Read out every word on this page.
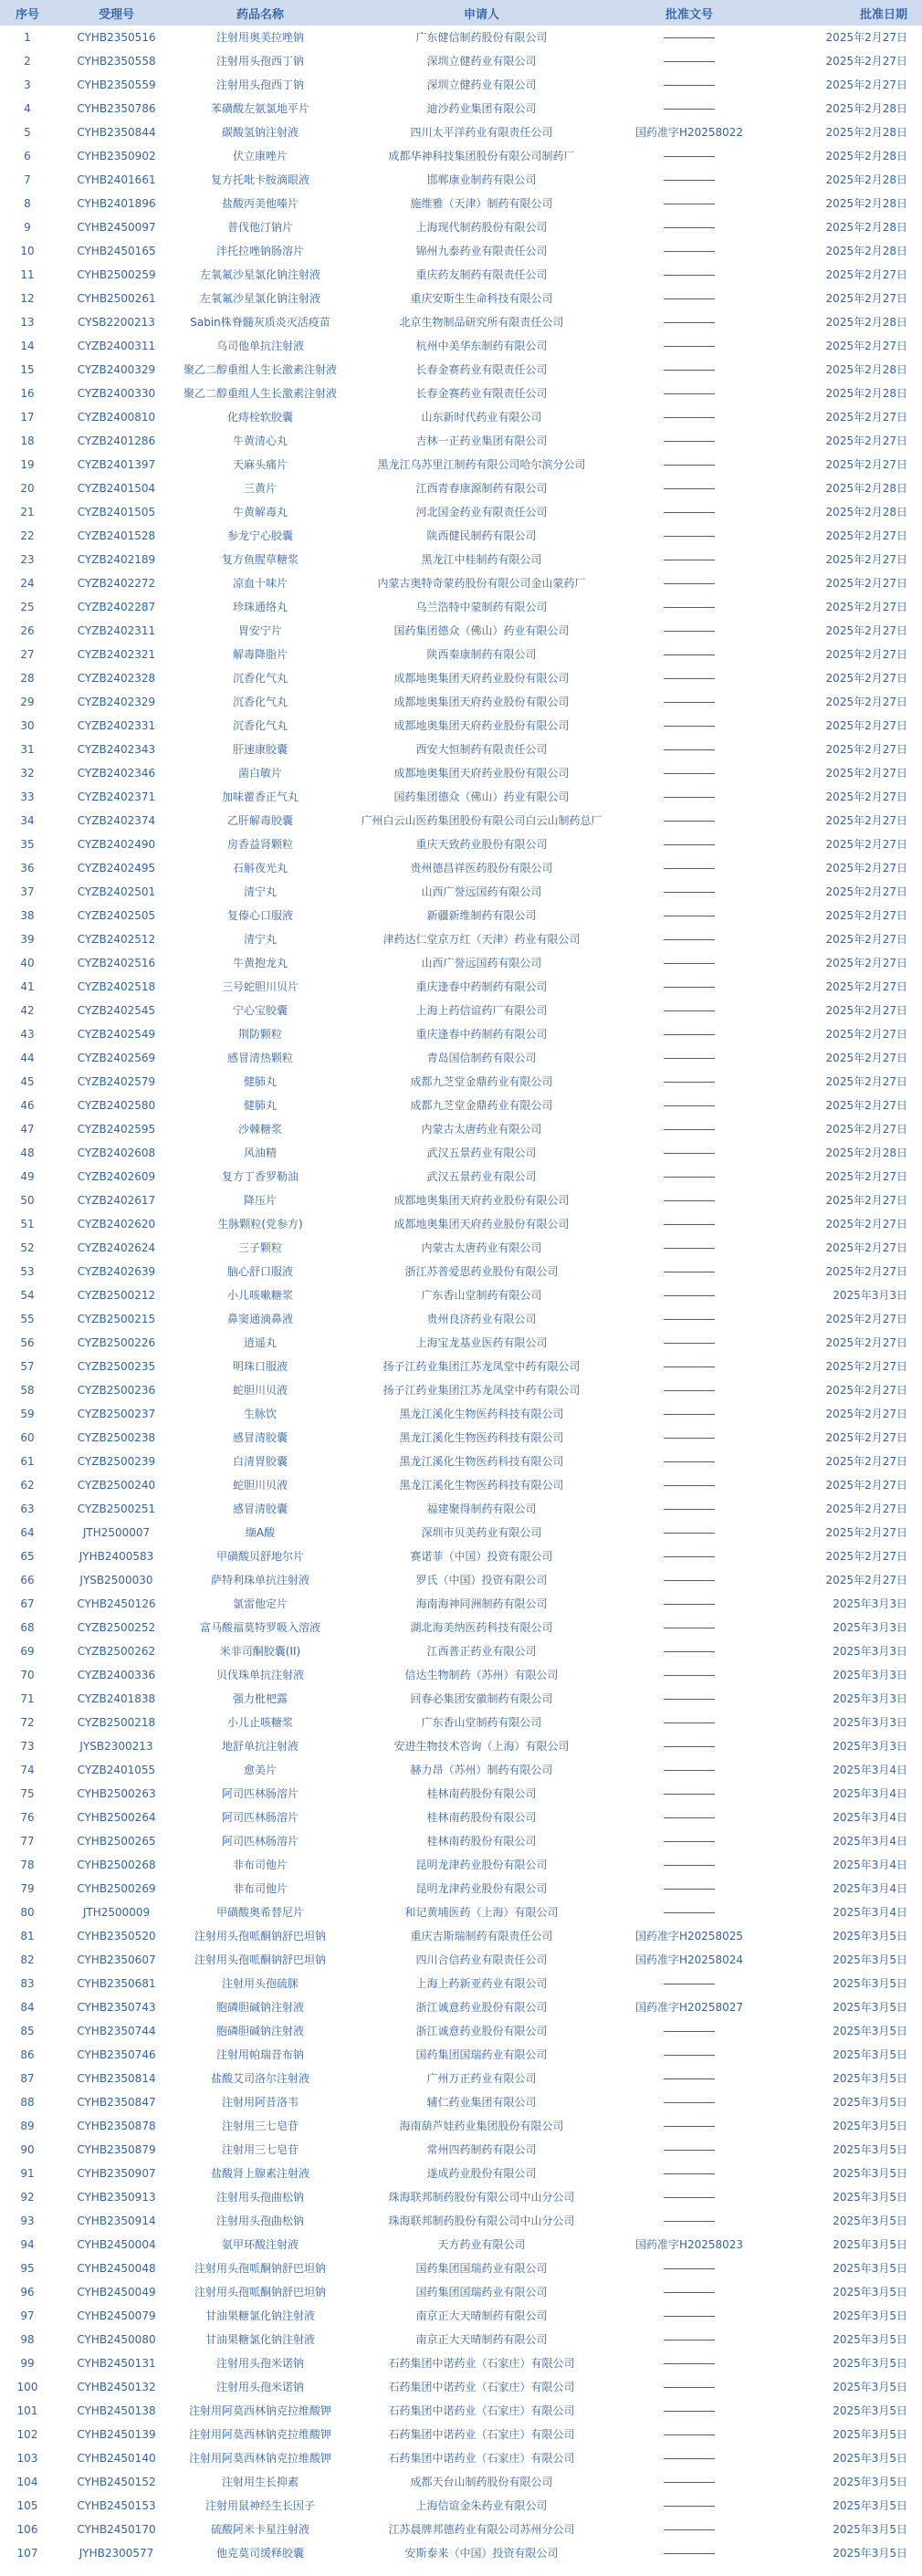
序号	受理号	药品名称	申请人	批准文号	批准日期
1	CYHB2350516	注射用奥美拉唑钠	广东健信制药股份有限公司		2025年2月27日
2	CYHB2350558	注射用头孢西丁钠	深圳立健药业有限公司		2025年2月27日
3	CYHB2350559	注射用头孢西丁钠	深圳立健药业有限公司		2025年2月27日
4	CYHB2350786	苯磺酸左氨氯地平片	迪沙药业集团有限公司		2025年2月28日
5	CYHB2350844	碳酸氢钠注射液	四川太平洋药业有限责任公司	国药准字H20258022	2025年2月28日
6	CYHB2350902	伏立康唑片	成都华神科技集团股份有限公司制药厂		2025年2月28日
7	CYHB2401661	复方托吡卡胺滴眼液	邯郸康业制药有限公司		2025年2月28日
8	CYHB2401896	盐酸丙美他嗪片	施维雅（天津）制药有限公司		2025年2月28日
9	CYHB2450097	普伐他汀钠片	上海现代制药股份有限公司		2025年2月28日
10	CYHB2450165	泮托拉唑钠肠溶片	锦州九泰药业有限责任公司		2025年2月28日
11	CYHB2500259	左氧氟沙星氯化钠注射液	重庆药友制药有限责任公司		2025年2月27日
12	CYHB2500261	左氧氟沙星氯化钠注射液	重庆安斯生生命科技有限公司		2025年2月27日
13	CYSB2200213	Sabin株脊髓灰质炎灭活疫苗	北京生物制品研究所有限责任公司		2025年2月28日
14	CYZB2400311	乌司他单抗注射液	杭州中美华东制药有限公司		2025年2月27日
15	CYZB2400329	聚乙二醇重组人生长激素注射液	长春金赛药业有限责任公司		2025年2月28日
16	CYZB2400330	聚乙二醇重组人生长激素注射液	长春金赛药业有限责任公司		2025年2月28日
17	CYZB2400810	化痔栓软胶囊	山东新时代药业有限公司		2025年2月27日
18	CYZB2401286	牛黄清心丸	吉林一正药业集团有限公司		2025年2月27日
19	CYZB2401397	天麻头痛片	黑龙江乌苏里江制药有限公司哈尔滨分公司		2025年2月27日
20	CYZB2401504	三黄片	江西青春康源制药有限公司		2025年2月28日
21	CYZB2401505	牛黄解毒丸	河北国金药业有限责任公司		2025年2月28日
22	CYZB2401528	参龙宁心胶囊	陕西健民制药有限公司		2025年2月27日
23	CYZB2402189	复方鱼腥草糖浆	黑龙江中桂制药有限公司		2025年2月27日
24	CYZB2402272	凉血十味片	内蒙古奥特奇蒙药股份有限公司金山蒙药厂		2025年2月27日
25	CYZB2402287	珍珠通络丸	乌兰浩特中蒙制药有限公司		2025年2月27日
26	CYZB2402311	胃安宁片	国药集团德众（佛山）药业有限公司		2025年2月27日
27	CYZB2402321	解毒降脂片	陕西秦康制药有限公司		2025年2月27日
28	CYZB2402328	沉香化气丸	成都地奥集团天府药业股份有限公司		2025年2月27日
29	CYZB2402329	沉香化气丸	成都地奥集团天府药业股份有限公司		2025年2月27日
30	CYZB2402331	沉香化气丸	成都地奥集团天府药业股份有限公司		2025年2月27日
31	CYZB2402343	肝速康胶囊	西安大恒制药有限责任公司		2025年2月27日
32	CYZB2402346	菌白敏片	成都地奥集团天府药业股份有限公司		2025年2月27日
33	CYZB2402371	加味藿香正气丸	国药集团德众（佛山）药业有限公司		2025年2月27日
34	CYZB2402374	乙肝解毒胶囊	广州白云山医药集团股份有限公司白云山制药总厂		2025年2月27日
35	CYZB2402490	房香益肾颗粒	重庆天致药业股份有限公司		2025年2月27日
36	CYZB2402495	石斛夜光丸	贵州德昌祥医药股份有限公司		2025年2月27日
37	CYZB2402501	清宁丸	山西广誉远国药有限公司		2025年2月27日
38	CYZB2402505	复傣心口服液	新疆新维制药有限公司		2025年2月27日
39	CYZB2402512	清宁丸	津药达仁堂京万红（天津）药业有限公司		2025年2月27日
40	CYZB2402516	牛黄抱龙丸	山西广誉远国药有限公司		2025年2月27日
41	CYZB2402518	三号蛇胆川贝片	重庆逢春中药制药有限公司		2025年2月27日
42	CYZB2402545	宁心宝胶囊	上海上药信谊药厂有限公司		2025年2月27日
43	CYZB2402549	荆防颗粒	重庆逢春中药制药有限公司		2025年2月27日
44	CYZB2402569	感冒清热颗粒	青岛国信制药有限公司		2025年2月27日
45	CYZB2402579	健肺丸	成都九芝堂金鼎药业有限公司		2025年2月27日
46	CYZB2402580	健肺丸	成都九芝堂金鼎药业有限公司		2025年2月27日
47	CYZB2402595	沙棘糖浆	内蒙古太唐药业有限公司		2025年2月27日
48	CYZB2402608	风油精	武汉五景药业有限公司		2025年2月28日
49	CYZB2402609	复方丁香罗勒油	武汉五景药业有限公司		2025年2月27日
50	CYZB2402617	降压片	成都地奥集团天府药业股份有限公司		2025年2月27日
51	CYZB2402620	生脉颗粒(党参方)	成都地奥集团天府药业股份有限公司		2025年2月27日
52	CYZB2402624	三子颗粒	内蒙古太唐药业有限公司		2025年2月27日
53	CYZB2402639	脑心舒口服液	浙江苏普爱思药业股份有限公司		2025年2月27日
54	CYZB2500212	小儿咳嗽糖浆	广东香山堂制药有限公司		2025年3月3日
55	CYZB2500215	鼻窦通滴鼻液	贵州良济药业有限公司		2025年2月27日
56	CYZB2500226	逍遥丸	上海宝龙基业医药有限公司		2025年2月27日
57	CYZB2500235	明珠口服液	扬子江药业集团江苏龙凤堂中药有限公司		2025年2月27日
58	CYZB2500236	蛇胆川贝液	扬子江药业集团江苏龙凤堂中药有限公司		2025年2月27日
59	CYZB2500237	生脉饮	黑龙江溪化生物医药科技有限公司		2025年2月27日
60	CYZB2500238	感冒清胶囊	黑龙江溪化生物医药科技有限公司		2025年2月27日
61	CYZB2500239	白清胃胶囊	黑龙江溪化生物医药科技有限公司		2025年2月27日
62	CYZB2500240	蛇胆川贝液	黑龙江溪化生物医药科技有限公司		2025年2月27日
63	CYZB2500251	感冒清胶囊	福建聚得制药有限公司		2025年2月27日
64	JTH2500007	缬A酸	深圳市贝美药业有限公司		2025年2月27日
65	JYHB2400583	甲磺酸贝舒地尔片	赛诺菲（中国）投资有限公司		2025年2月27日
66	JYSB2500030	萨特利珠单抗注射液	罗氏（中国）投资有限公司		2025年2月27日
67	CYHB2450126	氯雷他定片	海南海神同洲制药有限公司		2025年3月3日
68	CYZB2500252	富马酸福莫特罗吸入溶液	湖北海美纳医药科技有限公司		2025年3月3日
69	CYZB2500262	米非司酮胶囊(II)	江西普正药业有限公司		2025年3月3日
70	CYZB2400336	贝伐珠单抗注射液	信达生物制药（苏州）有限公司		2025年3月3日
71	CYZB2401838	强力枇杷露	回春必集团安徽制药有限公司		2025年3月3日
72	CYZB2500218	小儿止咳糖浆	广东香山堂制药有限公司		2025年3月3日
73	JYSB2300213	地舒单抗注射液	安进生物技术咨询（上海）有限公司		2025年3月3日
74	CYZB2401055	愈美片	赫力昂（苏州）制药有限公司		2025年3月4日
75	CYHB2500263	阿司匹林肠溶片	桂林南药股份有限公司		2025年3月4日
76	CYHB2500264	阿司匹林肠溶片	桂林南药股份有限公司		2025年3月4日
77	CYHB2500265	阿司匹林肠溶片	桂林南药股份有限公司		2025年3月4日
78	CYHB2500268	非布司他片	昆明龙津药业股份有限公司		2025年3月4日
79	CYHB2500269	非布司他片	昆明龙津药业股份有限公司		2025年3月4日
80	JTH2500009	甲磺酸奥希替尼片	和记黄埔医药（上海）有限公司		2025年3月4日
81	CYHB2350520	注射用头孢哌酮钠舒巴坦钠	重庆吉斯瑞制药有限责任公司	国药准字H20258025	2025年3月5日
82	CYHB2350607	注射用头孢哌酮钠舒巴坦钠	四川合信药业有限责任公司	国药准字H20258024	2025年3月5日
83	CYHB2350681	注射用头孢硫脒	上海上药新亚药业有限公司		2025年3月5日
84	CYHB2350743	胞磷胆碱钠注射液	浙江诚意药业股份有限公司	国药准字H20258027	2025年3月5日
85	CYHB2350744	胞磷胆碱钠注射液	浙江诚意药业股份有限公司		2025年3月5日
86	CYHB2350746	注射用帕瑞昔布钠	国药集团国瑞药业有限公司		2025年3月5日
87	CYHB2350814	盐酸艾司洛尔注射液	广州万正药业有限公司		2025年3月5日
88	CYHB2350847	注射用阿昔洛韦	辅仁药业集团有限公司		2025年3月5日
89	CYHB2350878	注射用三七皂苷	海南葫芦娃药业集团股份有限公司		2025年3月5日
90	CYHB2350879	注射用三七皂苷	常州四药制药有限公司		2025年3月5日
91	CYHB2350907	盐酸肾上腺素注射液	遂成药业股份有限公司		2025年3月5日
92	CYHB2350913	注射用头孢曲松钠	珠海联邦制药股份有限公司中山分公司		2025年3月5日
93	CYHB2350914	注射用头孢曲松钠	珠海联邦制药股份有限公司中山分公司		2025年3月5日
94	CYHB2450004	氨甲环酸注射液	天方药业有限公司	国药准字H20258023	2025年3月5日
95	CYHB2450048	注射用头孢哌酮钠舒巴坦钠	国药集团国瑞药业有限公司		2025年3月5日
96	CYHB2450049	注射用头孢哌酮钠舒巴坦钠	国药集团国瑞药业有限公司		2025年3月5日
97	CYHB2450079	甘油果糖氯化钠注射液	南京正大天晴制药有限公司		2025年3月5日
98	CYHB2450080	甘油果糖氯化钠注射液	南京正大天晴制药有限公司		2025年3月5日
99	CYHB2450131	注射用头孢米诺钠	石药集团中诺药业（石家庄）有限公司		2025年3月5日
100	CYHB2450132	注射用头孢米诺钠	石药集团中诺药业（石家庄）有限公司		2025年3月5日
101	CYHB2450138	注射用阿莫西林钠克拉维酸钾	石药集团中诺药业（石家庄）有限公司		2025年3月5日
102	CYHB2450139	注射用阿莫西林钠克拉维酸钾	石药集团中诺药业（石家庄）有限公司		2025年3月5日
103	CYHB2450140	注射用阿莫西林钠克拉维酸钾	石药集团中诺药业（石家庄）有限公司		2025年3月5日
104	CYHB2450152	注射用生长抑素	成都天台山制药股份有限公司		2025年3月5日
105	CYHB2450153	注射用鼠神经生长因子	上海信谊金朱药业有限公司		2025年3月5日
106	CYHB2450170	硫酸阿米卡星注射液	江苏晨牌邦德药业有限公司苏州分公司		2025年3月5日
107	JYHB2300577	他克莫司缓释胶囊	安斯泰来（中国）投资有限公司		2025年3月5日
